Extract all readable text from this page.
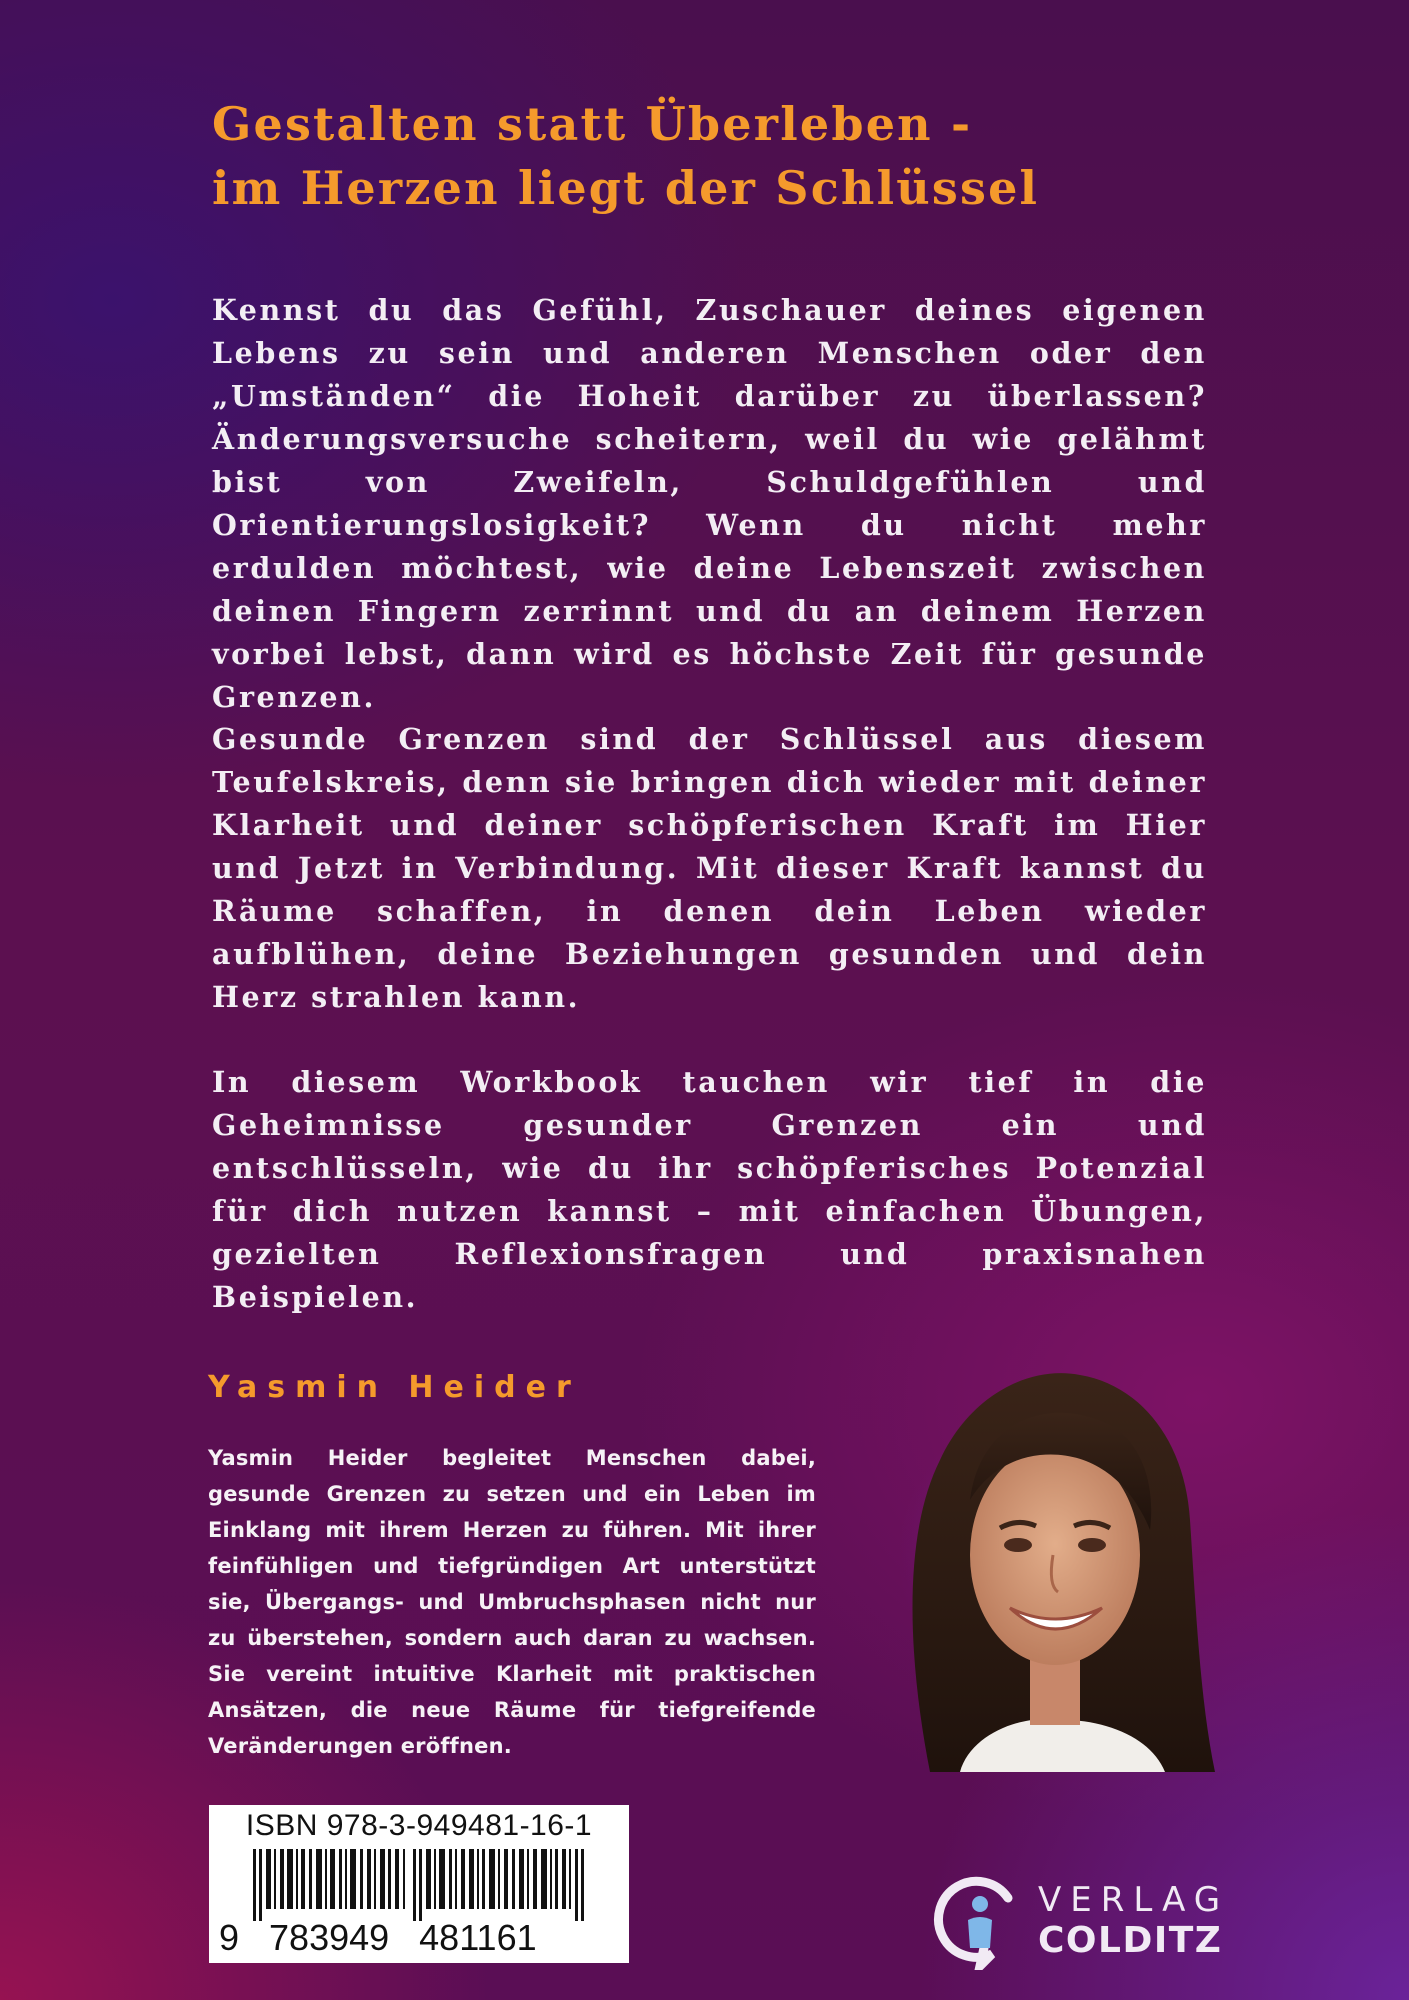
Gestalten statt Überleben -
im Herzen liegt der Schlüssel

Kennst du das Gefühl, Zuschauer deines eigenen Lebens zu sein und anderen Menschen oder den „Umständen“ die Hoheit darüber zu überlassen? Änderungsversuche scheitern, weil du wie gelähmt bist von Zweifeln, Schuldgefühlen und Orientierungslosigkeit? Wenn du nicht mehr erdulden möchtest, wie deine Lebenszeit zwischen deinen Fingern zerrinnt und du an deinem Herzen vorbei lebst, dann wird es höchste Zeit für gesunde Grenzen.

Gesunde Grenzen sind der Schlüssel aus diesem Teufelskreis, denn sie bringen dich wieder mit deiner Klarheit und deiner schöpferischen Kraft im Hier und Jetzt in Verbindung. Mit dieser Kraft kannst du Räume schaffen, in denen dein Leben wieder aufblühen, deine Beziehungen gesunden und dein Herz strahlen kann.

In diesem Workbook tauchen wir tief in die Geheimnisse gesunder Grenzen ein und entschlüsseln, wie du ihr schöpferisches Potenzial für dich nutzen kannst – mit einfachen Übungen, gezielten Reflexionsfragen und praxisnahen Beispielen.

Yasmin Heider

Yasmin Heider begleitet Menschen dabei, gesunde Grenzen zu setzen und ein Leben im Einklang mit ihrem Herzen zu führen. Mit ihrer feinfühligen und tiefgründigen Art unterstützt sie, Übergangs- und Umbruchsphasen nicht nur zu überstehen, sondern auch daran zu wachsen. Sie vereint intuitive Klarheit mit praktischen Ansätzen, die neue Räume für tiefgreifende Veränderungen eröffnen.

ISBN 978-3-949481-16-1
9   783949   481161
VERLAG
COLDITZ
